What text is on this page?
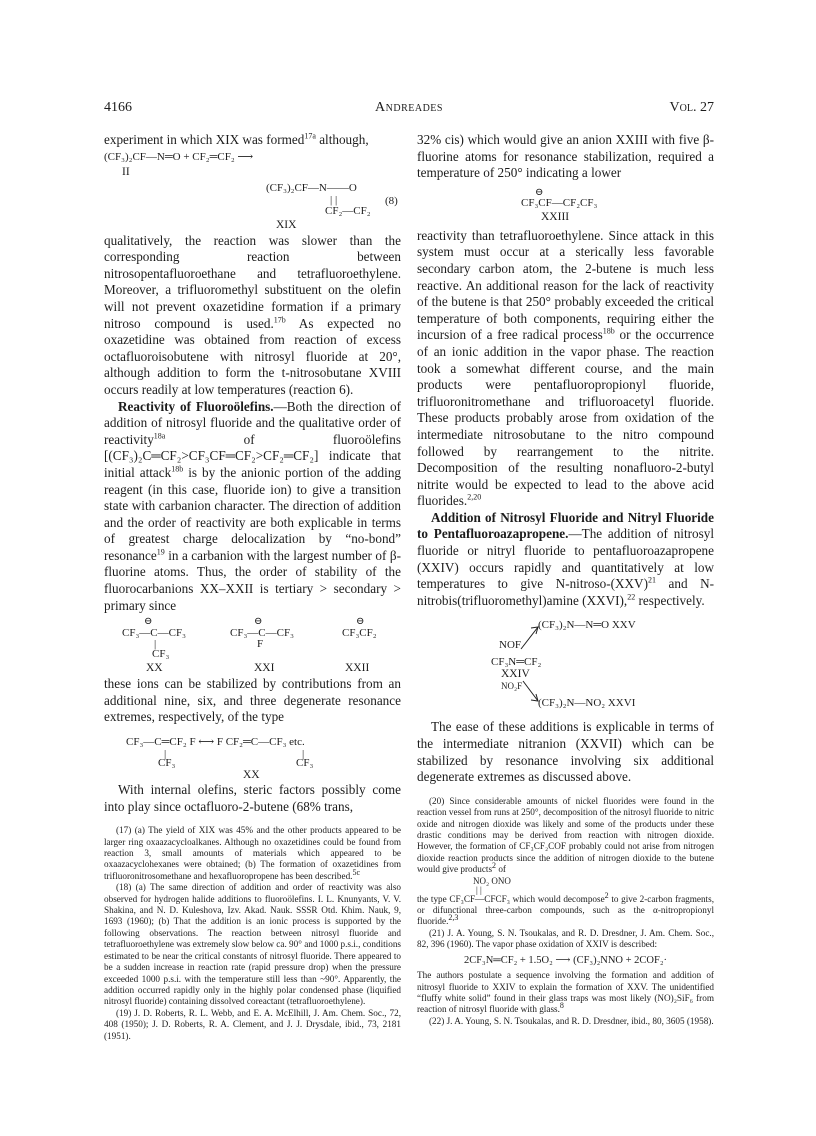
4166	Andreades	Vol. 27

experiment in which XIX was formed$^{17a}$ although,

(CF₃)₂CF—N═O + CF₂═CF₂ ⟶
II
(CF₃)₂CF—N——O
| |
CF₂—CF₂
(8)
XIX

qualitatively, the reaction was slower than the corresponding reaction between nitrosopentafluoroethane and tetrafluoroethylene. Moreover, a trifluoromethyl substituent on the olefin will not prevent oxazetidine formation if a primary nitroso compound is used.$^{17b}$ As expected no oxazetidine was obtained from reaction of excess octafluoroisobutene with nitrosyl fluoride at 20°, although addition to form the t-nitrosobutane XVIII occurs readily at low temperatures (reaction 6).

Reactivity of Fluoroölefins.—Both the direction of addition of nitrosyl fluoride and the qualitative order of reactivity$^{18a}$ of fluoroölefins [(CF₃)₂C═CF₂>CF₃CF═CF₂>CF₂═CF₂] indicate that initial attack$^{18b}$ is by the anionic portion of the adding reagent (in this case, fluoride ion) to give a transition state with carbanion character. The direction of addition and the order of reactivity are both explicable in terms of greatest charge delocalization by “no-bond” resonance$^{19}$ in a carbanion with the largest number of β-fluorine atoms. Thus, the order of stability of the fluorocarbanions XX–XXII is tertiary > secondary > primary since

⊖
CF₃—C—CF₃
|
CF₃
XX
⊖
CF₃—C—CF₃
F
XXI
⊖
CF₃CF₂
XXII

these ions can be stabilized by contributions from an additional nine, six, and three degenerate resonance extremes, respectively, of the type

CF₃—C═CF₂ F ⟷ F CF₂═C—CF₃ etc.
|
CF₃
|
CF₃
XX

With internal olefins, steric factors possibly come into play since octafluoro-2-butene (68% trans,

(17) (a) The yield of XIX was 45% and the other products appeared to be larger ring oxaazacycloalkanes. Although no oxazetidines could be found from reaction 3, small amounts of materials which appeared to be oxaazacyclohexanes were obtained; (b) The formation of oxazetidines from trifluoronitrosomethane and hexafluoropropene has been described.$^{5c}$

(18) (a) The same direction of addition and order of reactivity was also observed for hydrogen halide additions to fluoroölefins. I. L. Knunyants, V. V. Shakina, and N. D. Kuleshova, Izv. Akad. Nauk. SSSR Otd. Khim. Nauk, 9, 1693 (1960); (b) That the addition is an ionic process is supported by the following observations. The reaction between nitrosyl fluoride and tetrafluoroethylene was extremely slow below ca. 90° and 1000 p.s.i., conditions estimated to be near the critical constants of nitrosyl fluoride. There appeared to be a sudden increase in reaction rate (rapid pressure drop) when the pressure exceeded 1000 p.s.i. with the temperature still less than ~90°. Apparently, the addition occurred rapidly only in the highly polar condensed phase (liquified nitrosyl fluoride) containing dissolved coreactant (tetrafluoroethylene).

(19) J. D. Roberts, R. L. Webb, and E. A. McElhill, J. Am. Chem. Soc., 72, 408 (1950); J. D. Roberts, R. A. Clement, and J. J. Drysdale, ibid., 73, 2181 (1951).

32% cis) which would give an anion XXIII with five β-fluorine atoms for resonance stabilization, required a temperature of 250° indicating a lower

⊖
CF₃CF—CF₂CF₃
XXIII

reactivity than tetrafluoroethylene. Since attack in this system must occur at a sterically less favorable secondary carbon atom, the 2-butene is much less reactive. An additional reason for the lack of reactivity of the butene is that 250° probably exceeded the critical temperature of both components, requiring either the incursion of a free radical process$^{18b}$ or the occurrence of an ionic addition in the vapor phase. The reaction took a somewhat different course, and the main products were pentafluoropropionyl fluoride, trifluoronitromethane and trifluoroacetyl fluoride. These products probably arose from oxidation of the intermediate nitrosobutane to the nitro compound followed by rearrangement to the nitrite. Decomposition of the resulting nonafluoro-2-butyl nitrite would be expected to lead to the above acid fluorides.$^{2,20}$

Addition of Nitrosyl Fluoride and Nitryl Fluoride to Pentafluoroazapropene.—The addition of nitrosyl fluoride or nitryl fluoride to pentafluoroazapropene (XXIV) occurs rapidly and quantitatively at low temperatures to give N-nitroso-(XXV)$^{21}$ and N-nitrobis(trifluoromethyl)amine (XXVI),$^{22}$ respectively.

(CF₃)₂N—N═O XXV
NOF
CF₃N═CF₂
XXIV
NO₂F
(CF₃)₂N—NO₂ XXVI

The ease of these additions is explicable in terms of the intermediate nitranion (XXVII) which can be stabilized by resonance involving six additional degenerate extremes as discussed above.

(20) Since considerable amounts of nickel fluorides were found in the reaction vessel from runs at 250°, decomposition of the nitrosyl fluoride to nitric oxide and nitrogen dioxide was likely and some of the products under these drastic conditions may be derived from reaction with nitrogen dioxide. However, the formation of CF₃CF₂COF probably could not arise from nitrogen dioxide reaction products since the addition of nitrogen dioxide to the butene would give products$^2$ of

NO₂ ONO

| |

the type CF₃CF—CFCF₃ which would decompose$^2$ to give 2-carbon fragments, or difunctional three-carbon compounds, such as the α-nitropropionyl fluoride.$^{2,3}$

(21) J. A. Young, S. N. Tsoukalas, and R. D. Dresdner, J. Am. Chem. Soc., 82, 396 (1960). The vapor phase oxidation of XXIV is described:

2CF₃N═CF₂ + 1.5O₂ ⟶ (CF₃)₂NNO + 2COF₂·

The authors postulate a sequence involving the formation and addition of nitrosyl fluoride to XXIV to explain the formation of XXV. The unidentified “fluffy white solid” found in their glass traps was most likely (NO)₂SiF₆ from reaction of nitrosyl fluoride with glass.$^8$

(22) J. A. Young, S. N. Tsoukalas, and R. D. Dresdner, ibid., 80, 3605 (1958).
